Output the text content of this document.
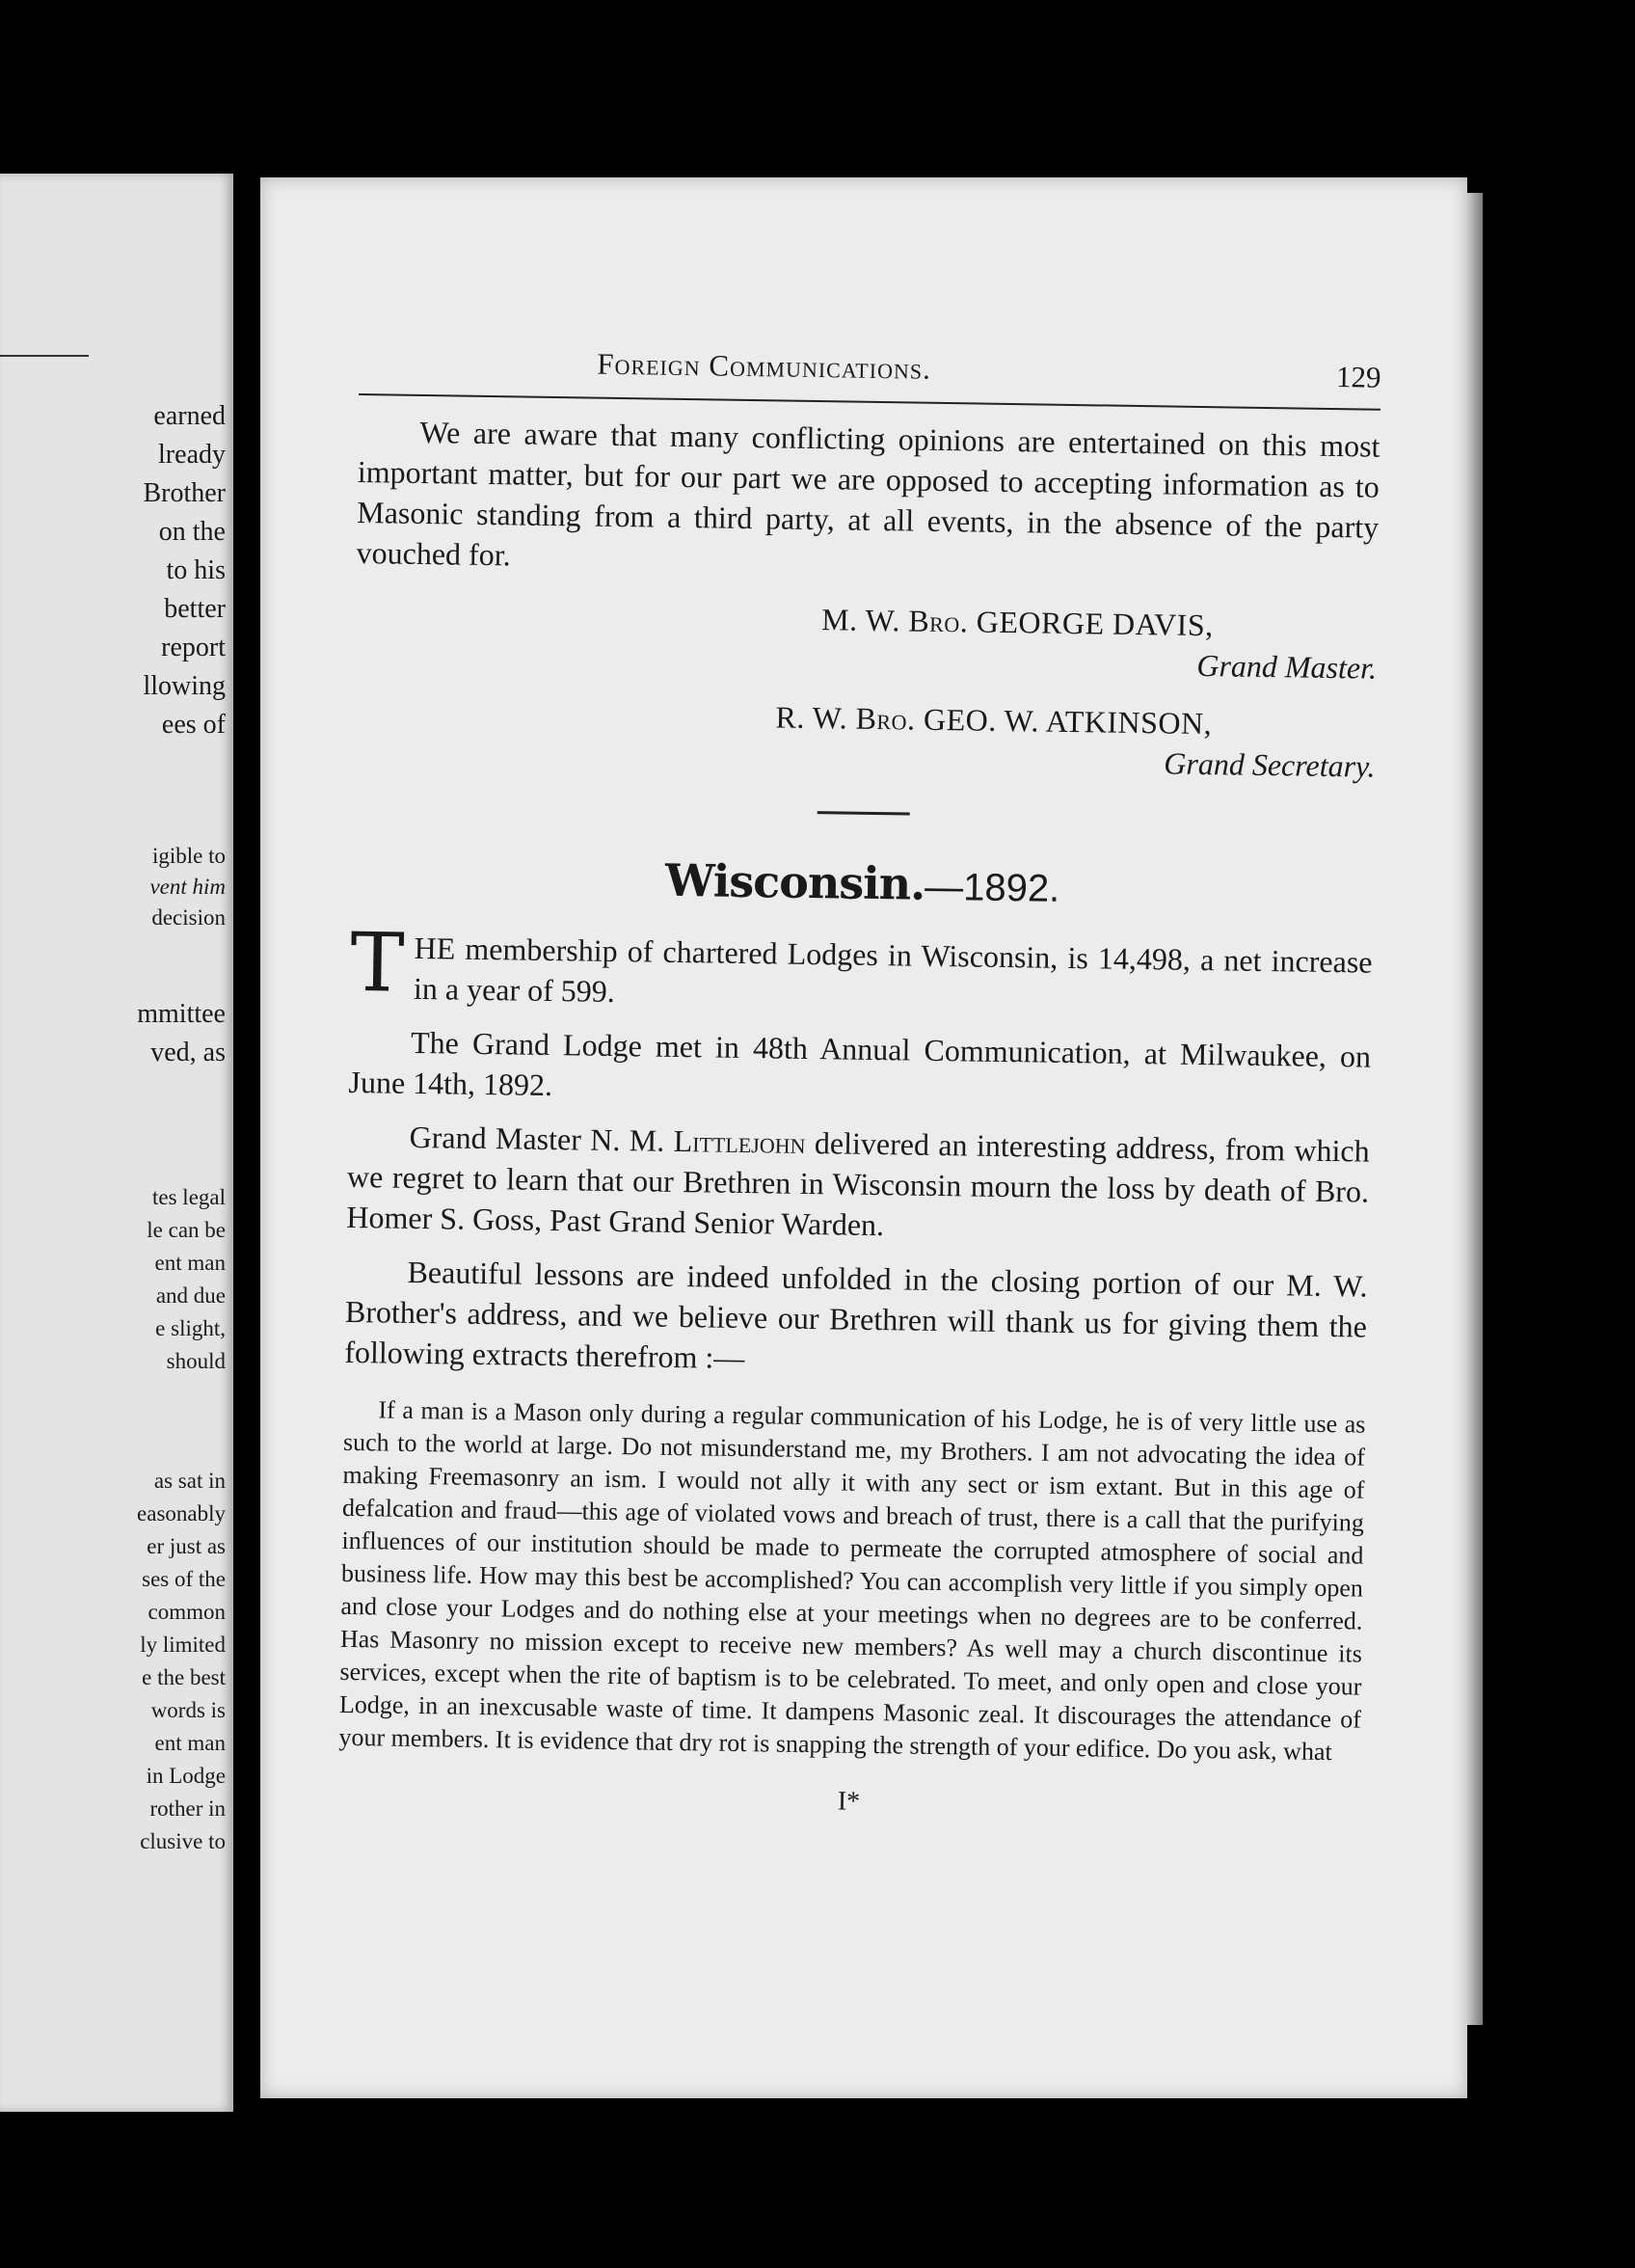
earned
lready
Brother
on the
to his
better
report
llowing
ees of
igible to
vent him
decision
mmittee
ved, as
tes legal
le can be
ent man
and due
e slight,
should
as sat in
easonably
er just as
ses of the
common
ly limited
e the best
words is
ent man
in Lodge
rother in
clusive to
Foreign Communications.	129

We are aware that many conflicting opinions are entertained on this most important matter, but for our part we are opposed to accepting information as to Masonic standing from a third party, at all events, in the absence of the party vouched for.

M. W. Bro. GEORGE DAVIS,
Grand Master.
R. W. Bro. GEO. W. ATKINSON,
Grand Secretary.
Wisconsin.—1892.
THE membership of chartered Lodges in Wisconsin, is 14,498, a net increase in a year of 599.

The Grand Lodge met in 48th Annual Communication, at Milwaukee, on June 14th, 1892.

Grand Master N. M. Littlejohn delivered an interesting address, from which we regret to learn that our Brethren in Wisconsin mourn the loss by death of Bro. Homer S. Goss, Past Grand Senior Warden.

Beautiful lessons are indeed unfolded in the closing portion of our M. W. Brother's address, and we believe our Brethren will thank us for giving them the following extracts therefrom :—

If a man is a Mason only during a regular communication of his Lodge, he is of very little use as such to the world at large. Do not misunderstand me, my Brothers. I am not advocating the idea of making Freemasonry an ism. I would not ally it with any sect or ism extant. But in this age of defalcation and fraud—this age of violated vows and breach of trust, there is a call that the purifying influences of our institution should be made to permeate the corrupted atmosphere of social and business life. How may this best be accomplished? You can accomplish very little if you simply open and close your Lodges and do nothing else at your meetings when no degrees are to be conferred. Has Masonry no mission except to receive new members? As well may a church discontinue its services, except when the rite of baptism is to be celebrated. To meet, and only open and close your Lodge, in an inexcusable waste of time. It dampens Masonic zeal. It discourages the attendance of your members. It is evidence that dry rot is snapping the strength of your edifice. Do you ask, what

I*
